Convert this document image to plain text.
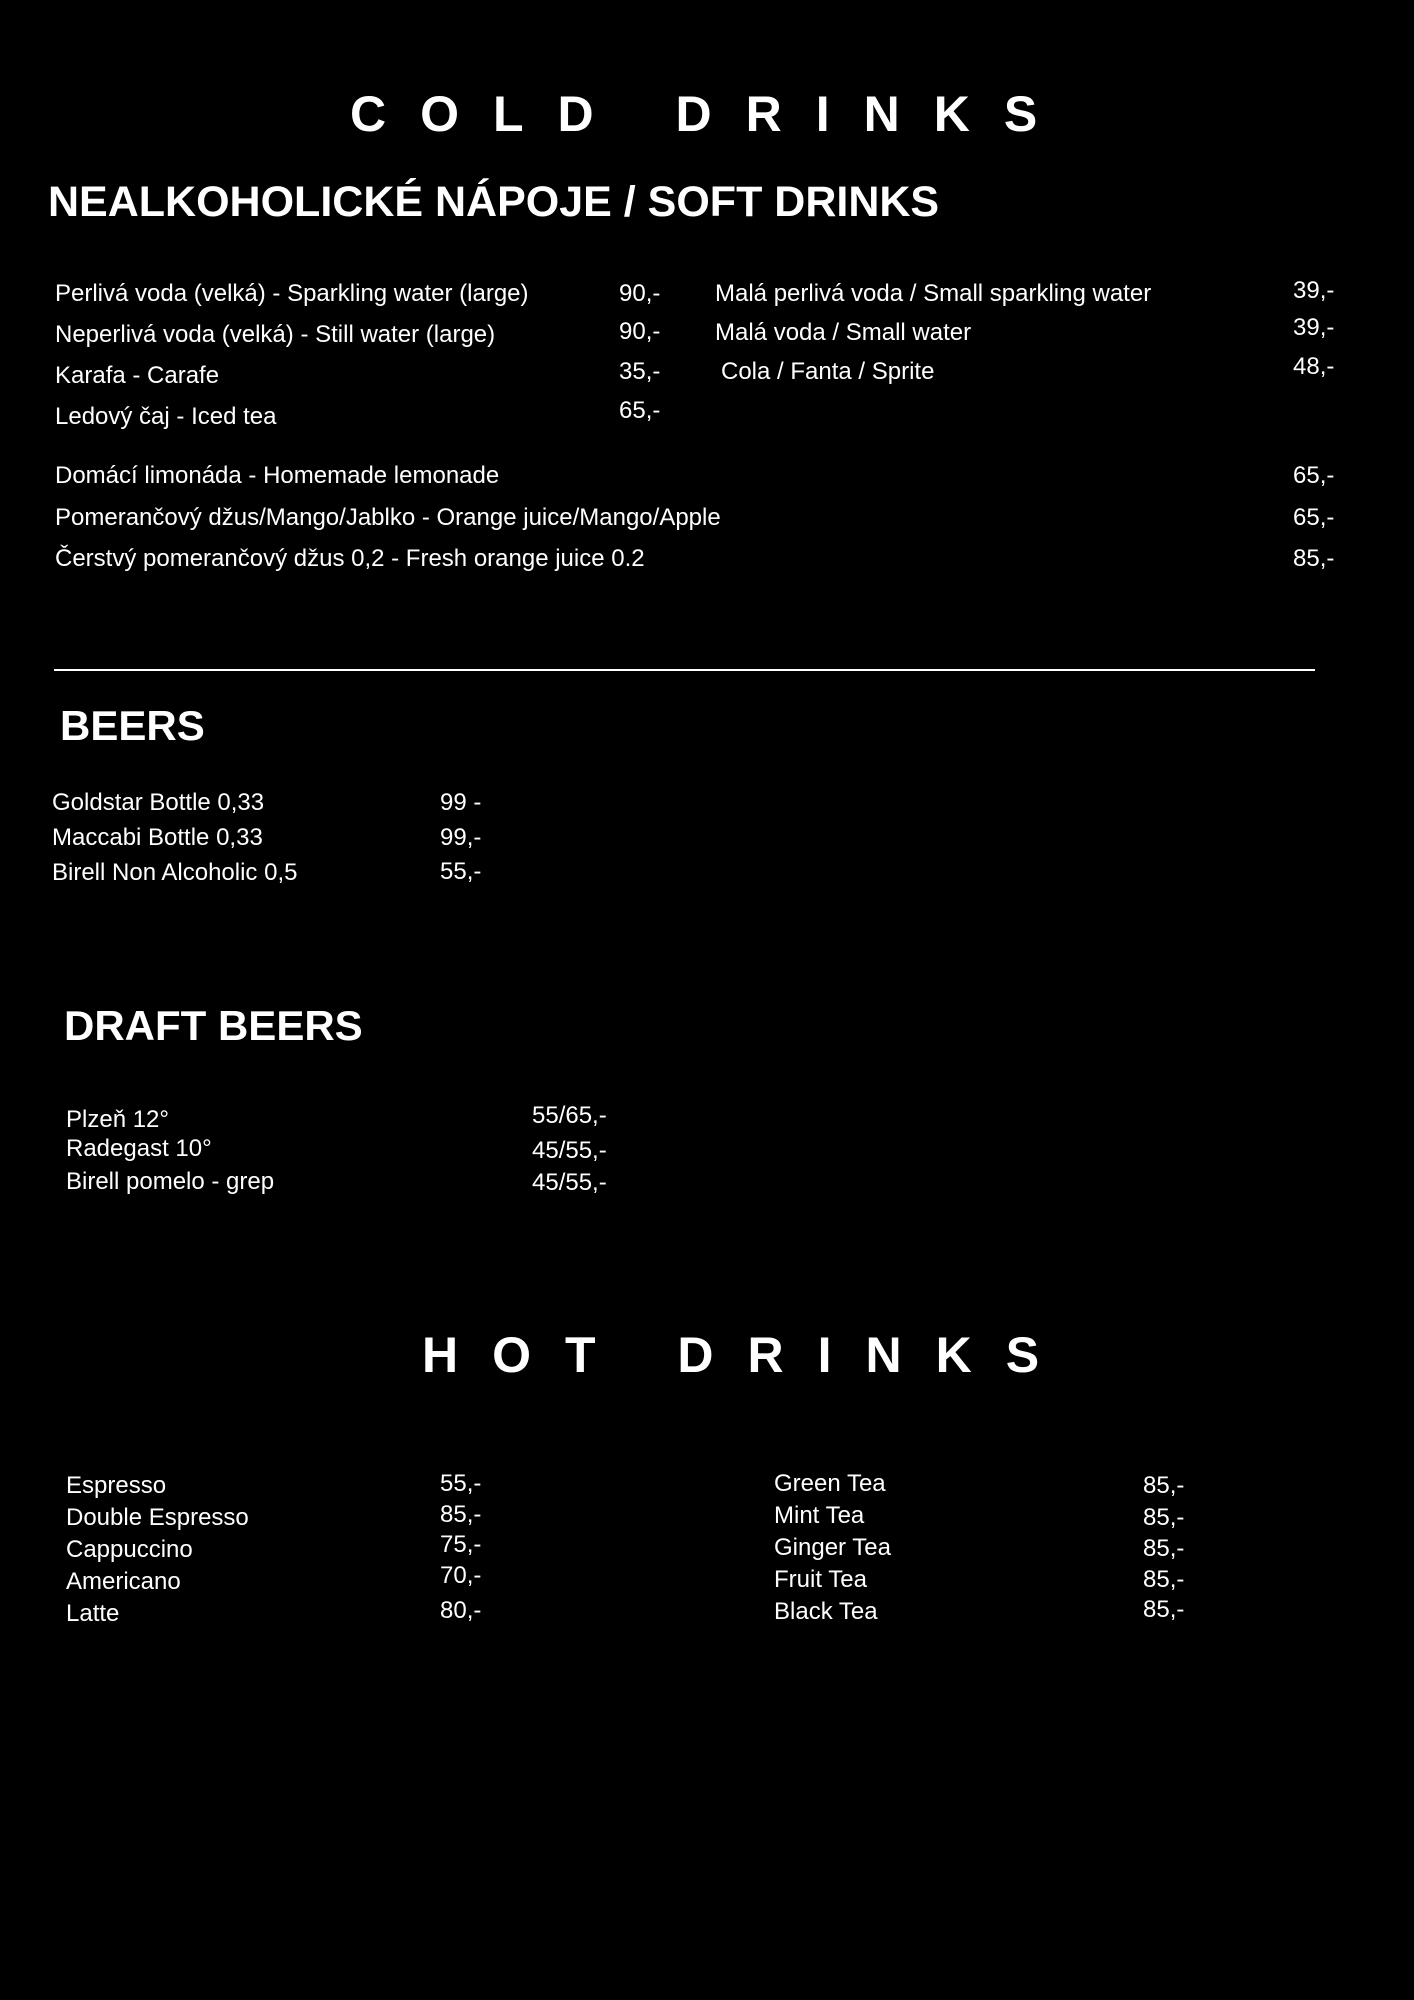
COLD DRINKS
NEALKOHOLICKÉ NÁPOJE / SOFT DRINKS
Perlivá voda (velká) - Sparkling water (large)	90,-
Neperlivá voda (velká) - Still water (large)	90,-
Karafa - Carafe	35,-
Ledový čaj - Iced tea	65,-
Malá perlivá voda / Small sparkling water	39,-
Malá voda / Small water	39,-
Cola / Fanta / Sprite	48,-
Domácí limonáda - Homemade lemonade	65,-
Pomerančový džus/Mango/Jablko - Orange juice/Mango/Apple	65,-
Čerstvý pomerančový džus 0,2 - Fresh orange juice 0.2	85,-
BEERS
Goldstar Bottle 0,33	99 -
Maccabi Bottle 0,33	99,-
Birell Non Alcoholic 0,5	55,-
DRAFT BEERS
Plzeň 12°	55/65,-
Radegast 10°	45/55,-
Birell pomelo - grep	45/55,-
HOT DRINKS
Espresso	55,-
Double Espresso	85,-
Cappuccino	75,-
Americano	70,-
Latte	80,-
Green Tea	85,-
Mint Tea	85,-
Ginger Tea	85,-
Fruit Tea	85,-
Black Tea	85,-
